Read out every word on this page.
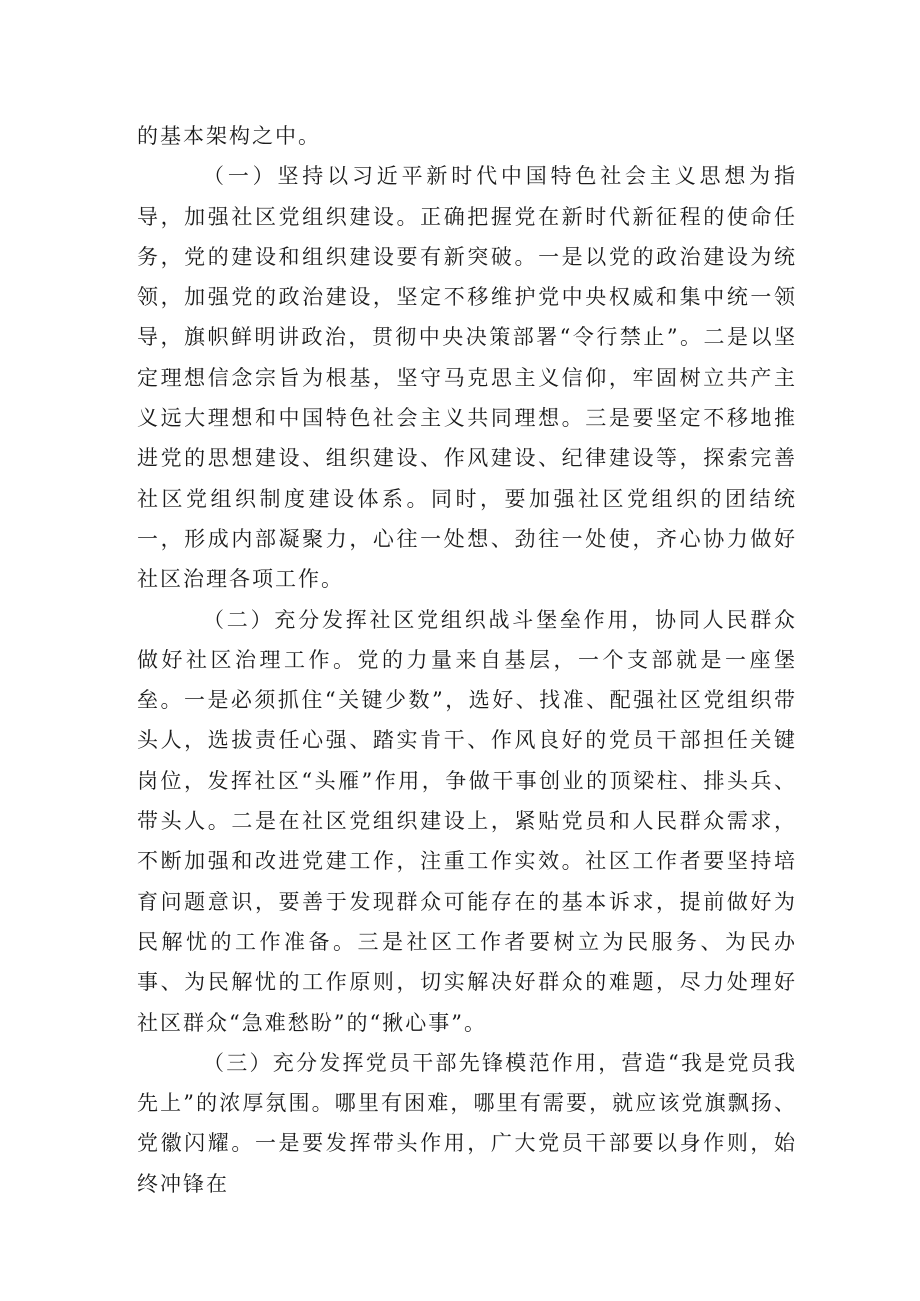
的基本架构之中。

（一）坚持以习近平新时代中国特色社会主义思想为指导，加强社区党组织建设。正确把握党在新时代新征程的使命任务，党的建设和组织建设要有新突破。一是以党的政治建设为统领，加强党的政治建设，坚定不移维护党中央权威和集中统一领导，旗帜鲜明讲政治，贯彻中央决策部署“令行禁止”。二是以坚定理想信念宗旨为根基，坚守马克思主义信仰，牢固树立共产主义远大理想和中国特色社会主义共同理想。三是要坚定不移地推进党的思想建设、组织建设、作风建设、纪律建设等，探索完善社区党组织制度建设体系。同时，要加强社区党组织的团结统一，形成内部凝聚力，心往一处想、劲往一处使，齐心协力做好社区治理各项工作。

（二）充分发挥社区党组织战斗堡垒作用，协同人民群众做好社区治理工作。党的力量来自基层，一个支部就是一座堡垒。一是必须抓住“关键少数”，选好、找准、配强社区党组织带头人，选拔责任心强、踏实肯干、作风良好的党员干部担任关键岗位，发挥社区“头雁”作用，争做干事创业的顶梁柱、排头兵、带头人。二是在社区党组织建设上，紧贴党员和人民群众需求，不断加强和改进党建工作，注重工作实效。社区工作者要坚持培育问题意识，要善于发现群众可能存在的基本诉求，提前做好为民解忧的工作准备。三是社区工作者要树立为民服务、为民办事、为民解忧的工作原则，切实解决好群众的难题，尽力处理好社区群众“急难愁盼”的“揪心事”。

（三）充分发挥党员干部先锋模范作用，营造“我是党员我先上”的浓厚氛围。哪里有困难，哪里有需要，就应该党旗飘扬、党徽闪耀。一是要发挥带头作用，广大党员干部要以身作则，始终冲锋在
